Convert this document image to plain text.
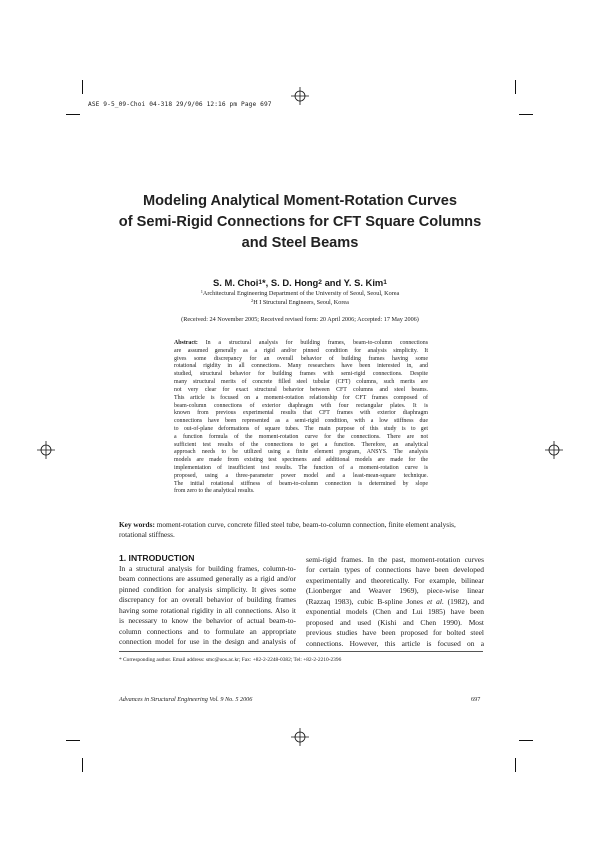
ASE 9-5_09-Choi 04-318 29/9/06 12:16 pm Page 697
Modeling Analytical Moment-Rotation Curves
of Semi-Rigid Connections for CFT Square Columns
and Steel Beams
S. M. Choi$^1$*, S. D. Hong$^2$ and Y. S. Kim$^1$
$^1$Architectural Engineering Department of the University of Seoul, Seoul, Korea
$^2$H I Structural Engineers, Seoul, Korea
(Received: 24 November 2005; Received revised form: 20 April 2006; Accepted: 17 May 2006)
Abstract: In a structural analysis for building frames, beam-to-column connections
are assumed generally as a rigid and/or pinned condition for analysis simplicity. It
gives some discrepancy for an overall behavior of building frames having some
rotational rigidity in all connections. Many researchers have been interested in, and
studied, structural behavior for building frames with semi-rigid connections. Despite
many structural merits of concrete filled steel tubular (CFT) columns, such merits are
not very clear for exact structural behavior between CFT columns and steel beams.
This article is focused on a moment-rotation relationship for CFT frames composed of
beam-column connections of exterior diaphragm with four rectangular plates. It is
known from previous experimental results that CFT frames with exterior diaphragm
connections have been represented as a semi-rigid condition, with a low stiffness due
to out-of-plane deformations of square tubes. The main purpose of this study is to get
a function formula of the moment-rotation curve for the connections. There are not
sufficient test results of the connections to get a function. Therefore, an analytical
approach needs to be utilized using a finite element program, ANSYS. The analysis
models are made from existing test specimens and additional models are made for the
implementation of insufficient test results. The function of a moment-rotation curve is
proposed, using a three-parameter power model and a least-mean-square technique.
The initial rotational stiffness of beam-to-column connection is determined by slope
from zero to the analytical results.
Key words: moment-rotation curve, concrete filled steel tube, beam-to-column connection, finite element analysis,
rotational stiffness.
1. INTRODUCTION
In a structural analysis for building frames, column-to-
beam connections are assumed generally as a rigid and/or
pinned condition for analysis simplicity. It gives some
discrepancy for an overall behavior of building frames
having some rotational rigidity in all connections. Also it
is necessary to know the behavior of actual beam-to-
column connections and to formulate an appropriate
connection model for use in the design and analysis of
semi-rigid frames. In the past, moment-rotation curves
for certain types of connections have been developed
experimentally and theoretically. For example, bilinear
(Lionberger and Weaver 1969), piece-wise linear
(Razzaq 1983), cubic B-spline Jones et al. (1982), and
exponential models (Chen and Lui 1985) have been
proposed and used (Kishi and Chen 1990). Most
previous studies have been proposed for bolted steel
connections. However, this article is focused on a
* Corresponding author. Email address: smc@uos.ac.kr; Fax: +82-2-2248-0382; Tel: +82-2-2210-2396
Advances in Structural Engineering Vol. 9 No. 5 2006	697
